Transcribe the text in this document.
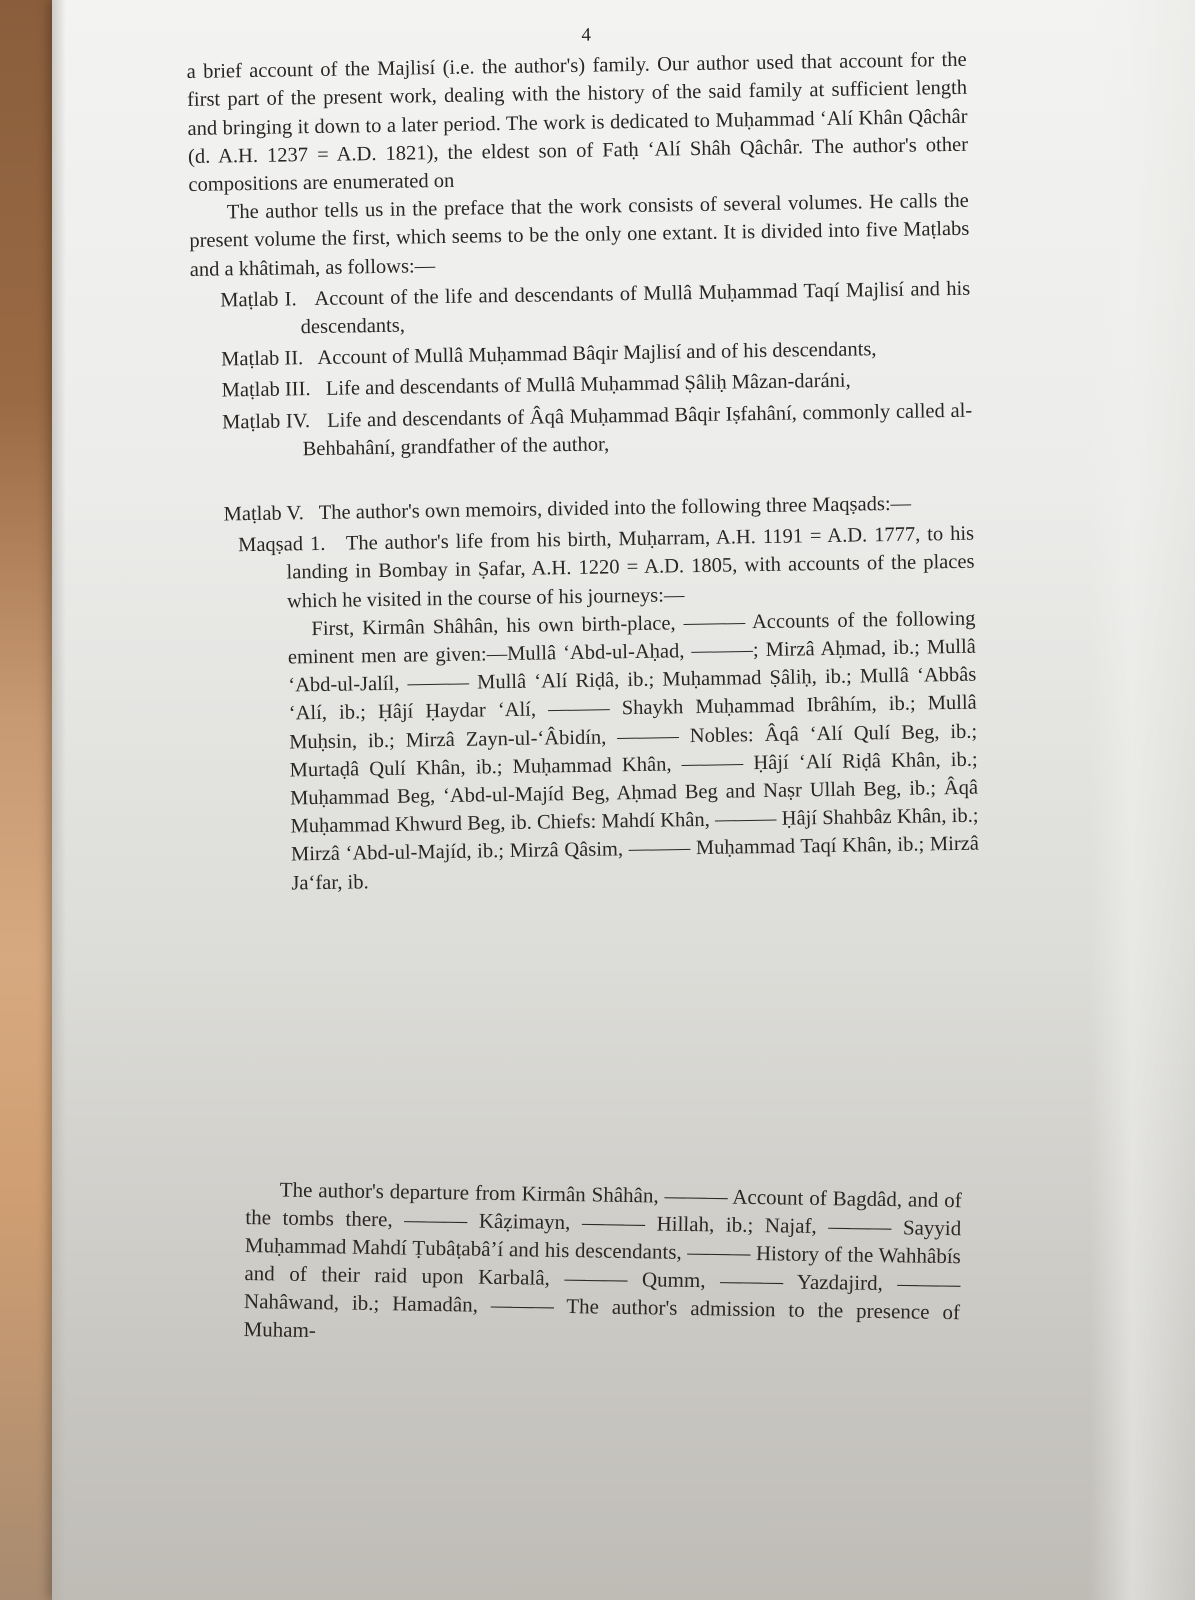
4

a brief account of the Majlisí (i.e. the author's) family. Our author used that account for the first part of the present work, dealing with the history of the said family at sufficient length and bringing it down to a later period. The work is dedicated to Muḥammad ʻAlí Khân Qâchâr (d. A.H. 1237 = A.D. 1821), the eldest son of Fatḥ ʻAlí Shâh Qâchâr. The author's other compositions are enumerated on

The author tells us in the preface that the work consists of several volumes. He calls the present volume the first, which seems to be the only one extant. It is divided into five Maṭlabs and a khâtimah, as follows:—

Maṭlab I. Account of the life and descendants of Mullâ Muḥammad Taqí Majlisí and his descendants,
Maṭlab II. Account of Mullâ Muḥammad Bâqir Majlisí and of his descendants,
Maṭlab III. Life and descendants of Mullâ Muḥammad Ṣâliḥ Mâzan-daráni,
Maṭlab IV. Life and descendants of Âqâ Muḥammad Bâqir Iṣfahâní, commonly called al-Behbahâní, grandfather of the author,
Maṭlab V. The author's own memoirs, divided into the following three Maqṣads:—
Maqṣad 1. The author's life from his birth, Muḥarram, A.H. 1191 = A.D. 1777, to his landing in Bombay in Ṣafar, A.H. 1220 = A.D. 1805, with accounts of the places which he visited in the course of his journeys:—

First, Kirmân Shâhân, his own birth-place, ——— Accounts of the following eminent men are given:—Mullâ ʻAbd-ul-Aḥad, ———; Mirzâ Aḥmad, ib.; Mullâ ʻAbd-ul-Jalíl, ——— Mullâ ʻAlí Riḍâ, ib.; Muḥammad Ṣâliḥ, ib.; Mullâ ʻAbbâs ʻAlí, ib.; Ḥâjí Ḥaydar ʻAlí, ——— Shaykh Muḥammad Ibrâhím, ib.; Mullâ Muḥsin, ib.; Mirzâ Zayn-ul-ʻÂbidín, ——— Nobles: Âqâ ʻAlí Qulí Beg, ib.; Murtaḍâ Qulí Khân, ib.; Muḥammad Khân, ——— Ḥâjí ʻAlí Riḍâ Khân, ib.; Muḥammad Beg, ʻAbd-ul-Majíd Beg, Aḥmad Beg and Naṣr Ullah Beg, ib.; Âqâ Muḥammad Khwurd Beg, ib. Chiefs: Mahdí Khân, ——— Ḥâjí Shahbâz Khân, ib.; Mirzâ ʻAbd-ul-Majíd, ib.; Mirzâ Qâsim, ——— Muḥammad Taqí Khân, ib.; Mirzâ Jaʻfar, ib.

The author's departure from Kirmân Shâhân, ——— Account of Bagdâd, and of the tombs there, ——— Kâẓimayn, ——— Hillah, ib.; Najaf, ——— Sayyid Muḥammad Mahdí Ṭubâṭabâʼí and his descendants, ——— History of the Wahhâbís and of their raid upon Karbalâ, ——— Qumm, ——— Yazdajird, ——— Nahâwand, ib.; Hamadân, ——— The author's admission to the presence of Muham-
